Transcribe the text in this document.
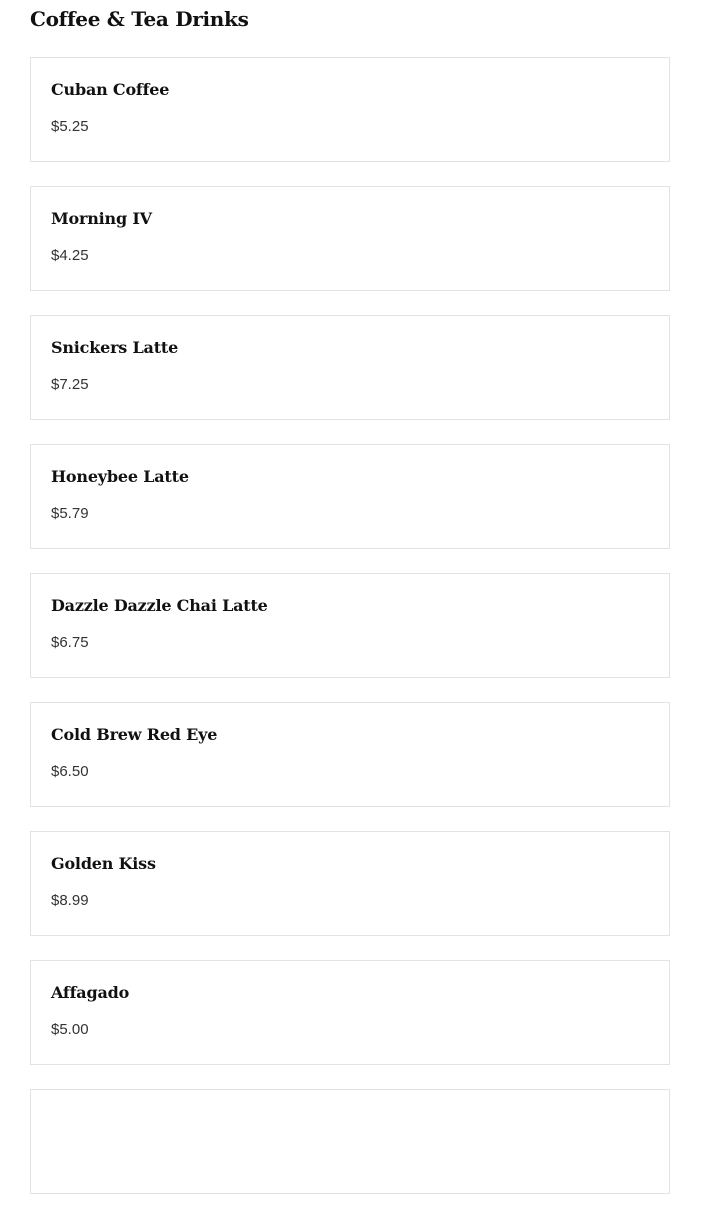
Coffee & Tea Drinks
Cuban Coffee
$5.25
Morning IV
$4.25
Snickers Latte
$7.25
Honeybee Latte
$5.79
Dazzle Dazzle Chai Latte
$6.75
Cold Brew Red Eye
$6.50
Golden Kiss
$8.99
Affagado
$5.00
